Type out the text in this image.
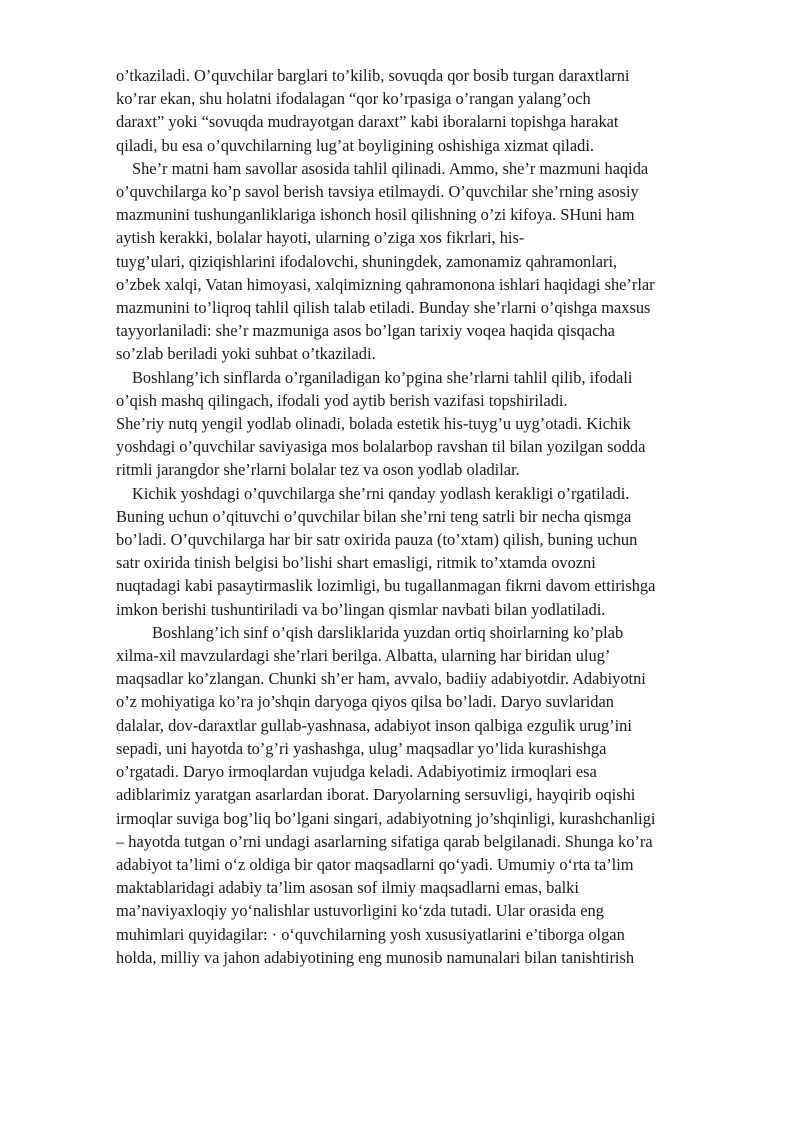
o’tkaziladi. O’quvchilar barglari to’kilib, sovuqda qor bosib turgan daraxtlarni
ko’rar ekan, shu holatni ifodalagan “qor ko’rpasiga o’rangan yalang’och
daraxt” yoki “sovuqda mudrayotgan daraxt” kabi iboralarni topishga harakat
qiladi, bu esa o’quvchilarning lug’at boyligining oshishiga xizmat qiladi.
She’r matni ham savollar asosida tahlil qilinadi. Ammo, she’r mazmuni haqida
o’quvchilarga ko’p savol berish tavsiya etilmaydi. O’quvchilar she’rning asosiy
mazmunini tushunganliklariga ishonch hosil qilishning o’zi kifoya. SHuni ham
aytish kerakki, bolalar hayoti, ularning o’ziga xos fikrlari, his-
tuyg’ulari, qiziqishlarini ifodalovchi, shuningdek, zamonamiz qahramonlari,
o’zbek xalqi, Vatan himoyasi, xalqimizning qahramonona ishlari haqidagi she’rlar
mazmunini to’liqroq tahlil qilish talab etiladi. Bunday she’rlarni o’qishga maxsus
tayyorlaniladi: she’r mazmuniga asos bo’lgan tarixiy voqea haqida qisqacha
so’zlab beriladi yoki suhbat o’tkaziladi.
Boshlang’ich sinflarda o’rganiladigan ko’pgina she’rlarni tahlil qilib, ifodali
o’qish mashq qilingach, ifodali yod aytib berish vazifasi topshiriladi.
She’riy nutq yengil yodlab olinadi, bolada estetik his-tuyg’u uyg’otadi. Kichik
yoshdagi o’quvchilar saviyasiga mos bolalarbop ravshan til bilan yozilgan sodda
ritmli jarangdor she’rlarni bolalar tez va oson yodlab oladilar.
Kichik yoshdagi o’quvchilarga she’rni qanday yodlash kerakligi o’rgatiladi.
Buning uchun o’qituvchi o’quvchilar bilan she’rni teng satrli bir necha qismga
bo’ladi. O’quvchilarga har bir satr oxirida pauza (to’xtam) qilish, buning uchun
satr oxirida tinish belgisi bo’lishi shart emasligi, ritmik to’xtamda ovozni
nuqtadagi kabi pasaytirmaslik lozimligi, bu tugallanmagan fikrni davom ettirishga
imkon berishi tushuntiriladi va bo’lingan qismlar navbati bilan yodlatiladi.
Boshlang’ich sinf o’qish darsliklarida yuzdan ortiq shoirlarning ko’plab
xilma-xil mavzulardagi she’rlari berilga. Albatta, ularning har biridan ulug’
maqsadlar ko’zlangan. Chunki sh’er ham, avvalo, badiiy adabiyotdir. Adabiyotni
o’z mohiyatiga ko’ra jo’shqin daryoga qiyos qilsa bo’ladi. Daryo suvlaridan
dalalar, dov-daraxtlar gullab-yashnasa, adabiyot inson qalbiga ezgulik urug’ini
sepadi, uni hayotda to’g’ri yashashga, ulug’ maqsadlar yo’lida kurashishga
o’rgatadi. Daryo irmoqlardan vujudga keladi. Adabiyotimiz irmoqlari esa
adiblarimiz yaratgan asarlardan iborat. Daryolarning sersuvligi, hayqirib oqishi
irmoqlar suviga bog’liq bo’lgani singari, adabiyotning jo’shqinligi, kurashchanligi
– hayotda tutgan o’rni undagi asarlarning sifatiga qarab belgilanadi. Shunga ko’ra
adabiyot ta’limi oʻz oldiga bir qator maqsadlarni qoʻyadi. Umumiy oʻrta ta’lim
maktablaridagi adabiy ta’lim asosan sof ilmiy maqsadlarni emas, balki
ma’naviyaxloqiy yoʻnalishlar ustuvorligini koʻzda tutadi. Ular orasida eng
muhimlari quyidagilar: · oʻquvchilarning yosh xususiyatlarini e’tiborga olgan
holda, milliy va jahon adabiyotining eng munosib namunalari bilan tanishtirish
